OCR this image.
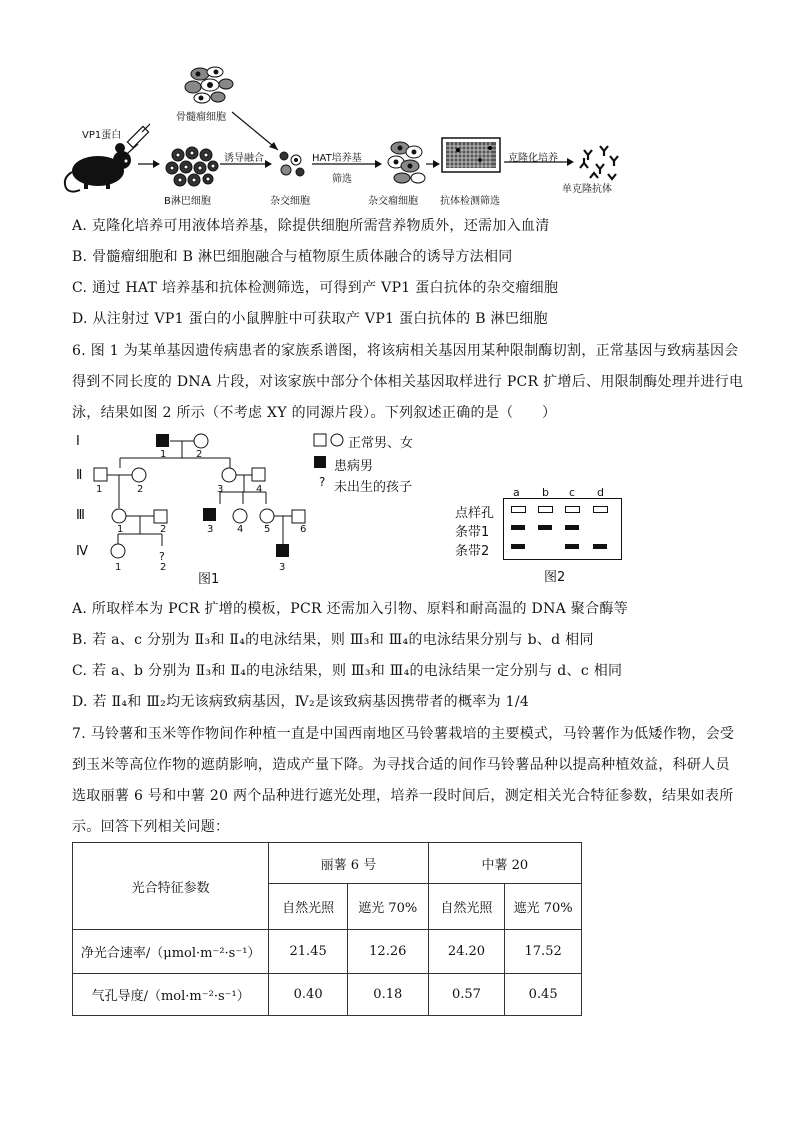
骨髓瘤细胞
VP1蛋白
诱导融合	HAT培养基
筛选
克隆化培养
B淋巴细胞	杂交细胞	杂交瘤细胞 抗体检测筛选
单克隆抗体
A. 克隆化培养可用液体培养基，除提供细胞所需营养物质外，还需加入血清
B. 骨髓瘤细胞和 B 淋巴细胞融合与植物原生质体融合的诱导方法相同
C. 通过 HAT 培养基和抗体检测筛选，可得到产 VP1 蛋白抗体的杂交瘤细胞
D. 从注射过 VP1 蛋白的小鼠脾脏中可获取产 VP1 蛋白抗体的 B 淋巴细胞
6. 图 1 为某单基因遗传病患者的家族系谱图，将该病相关基因用某种限制酶切割，正常基因与致病基因会
得到不同长度的 DNA 片段，对该家族中部分个体相关基因取样进行 PCR 扩增后、用限制酶处理并进行电
泳，结果如图 2 所示（不考虑 XY 的同源片段）。下列叙述正确的是（　　）
Ⅰ
Ⅱ
Ⅲ
Ⅳ
1	2
1	2	3	4
1	2	3 4 5	6
1	2	3
?
图1
?
正常男、女
患病男
未出生的孩子	a b c d
点样孔
条带1
条带2
图2
A. 所取样本为 PCR 扩增的模板，PCR 还需加入引物、原料和耐高温的 DNA 聚合酶等
B. 若 a、c 分别为 Ⅱ₃和 Ⅱ₄的电泳结果，则 Ⅲ₃和 Ⅲ₄的电泳结果分别与 b、d 相同
C. 若 a、b 分别为 Ⅱ₃和 Ⅱ₄的电泳结果，则 Ⅲ₃和 Ⅲ₄的电泳结果一定分别与 d、c 相同
D. 若 Ⅱ₄和 Ⅲ₂均无该病致病基因，Ⅳ₂是该致病基因携带者的概率为 1/4
7. 马铃薯和玉米等作物间作种植一直是中国西南地区马铃薯栽培的主要模式，马铃薯作为低矮作物，会受
到玉米等高位作物的遮荫影响，造成产量下降。为寻找合适的间作马铃薯品种以提高种植效益，科研人员
选取丽薯 6 号和中薯 20 两个品种进行遮光处理，培养一段时间后，测定相关光合特征参数，结果如表所
示。回答下列相关问题：
光合特征参数	丽薯 6 号		中薯 20	
	自然光照	遮光 70%	自然光照	遮光 70%
净光合速率/（μmol·m⁻²·s⁻¹）	21.45	12.26	24.20	17.52
气孔导度/（mol·m⁻²·s⁻¹）	0.40	0.18	0.57	0.45
